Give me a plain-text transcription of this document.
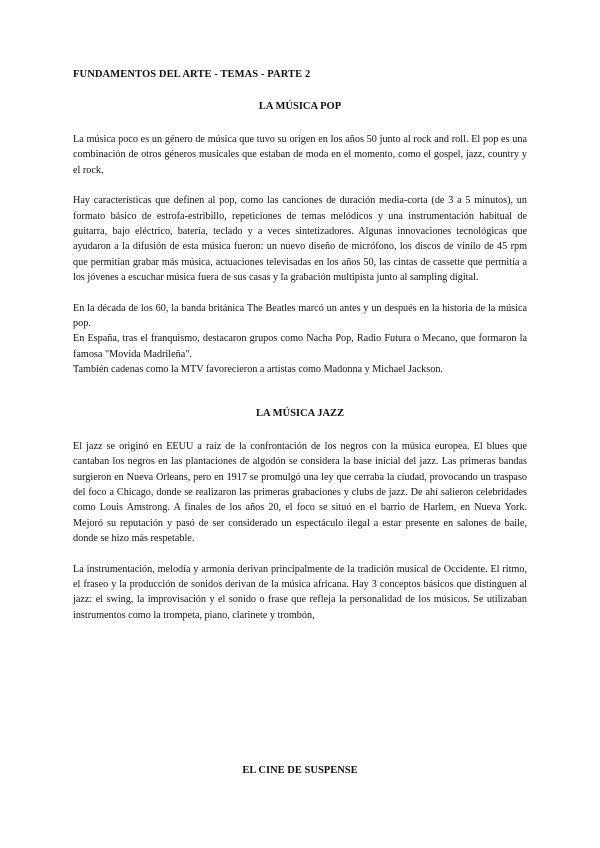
FUNDAMENTOS DEL ARTE - TEMAS - PARTE 2
LA MÚSICA POP

La música poco es un género de música que tuvo su origen en los años 50 junto al rock and roll. El pop es una combinación de otros géneros musicales que estaban de moda en el momento, como el gospel, jazz, country y el rock.

Hay características que definen al pop, como las canciones de duración media-corta (de 3 a 5 minutos), un formato básico de estrofa-estribillo, repeticiones de temas melódicos y una instrumentación habitual de guitarra, bajo eléctrico, batería, teclado y a veces sintetizadores. Algunas innovaciones tecnológicas que ayudaron a la difusión de esta música fueron: un nuevo diseño de micrófono, los discos de vinilo de 45 rpm que permitían grabar más música, actuaciones televisadas en los años 50, las cintas de cassette que permitía a los jóvenes a escuchar música fuera de sus casas y la grabación multipista junto al sampling digital.

En la década de los 60, la banda británica The Beatles marcó un antes y un después en la historia de la música pop.

En España, tras el franquismo, destacaron grupos como Nacha Pop, Radio Futura o Mecano, que formaron la famosa "Movida Madrileña".

También cadenas como la MTV favorecieron a artistas como Madonna y Michael Jackson.

LA MÚSICA JAZZ

El jazz se originó en EEUU a raíz de la confrontación de los negros con la música europea. El blues que cantaban los negros en las plantaciones de algodón se considera la base inicial del jazz. Las primeras bandas surgieron en Nueva Orleans, pero en 1917 se promulgó una ley que cerraba la ciudad, provocando un traspaso del foco a Chicago, donde se realizaron las primeras grabaciones y clubs de jazz. De ahí salieron celebridades como Louis Amstrong. A finales de los años 20, el foco se situó en el barrio de Harlem, en Nueva York. Mejoró su reputación y pasó de ser considerado un espectáculo ilegal a estar presente en salones de baile, donde se hizo más respetable.

La instrumentación, melodía y armonía derivan principalmente de la tradición musical de Occidente. El ritmo, el fraseo y la producción de sonidos derivan de la música africana. Hay 3 conceptos básicos que distinguen al jazz: el swing, la improvisación y el sonido o frase que refleja la personalidad de los músicos. Se utilizaban instrumentos como la trompeta, piano, clarinete y trombón,

EL CINE DE SUSPENSE
